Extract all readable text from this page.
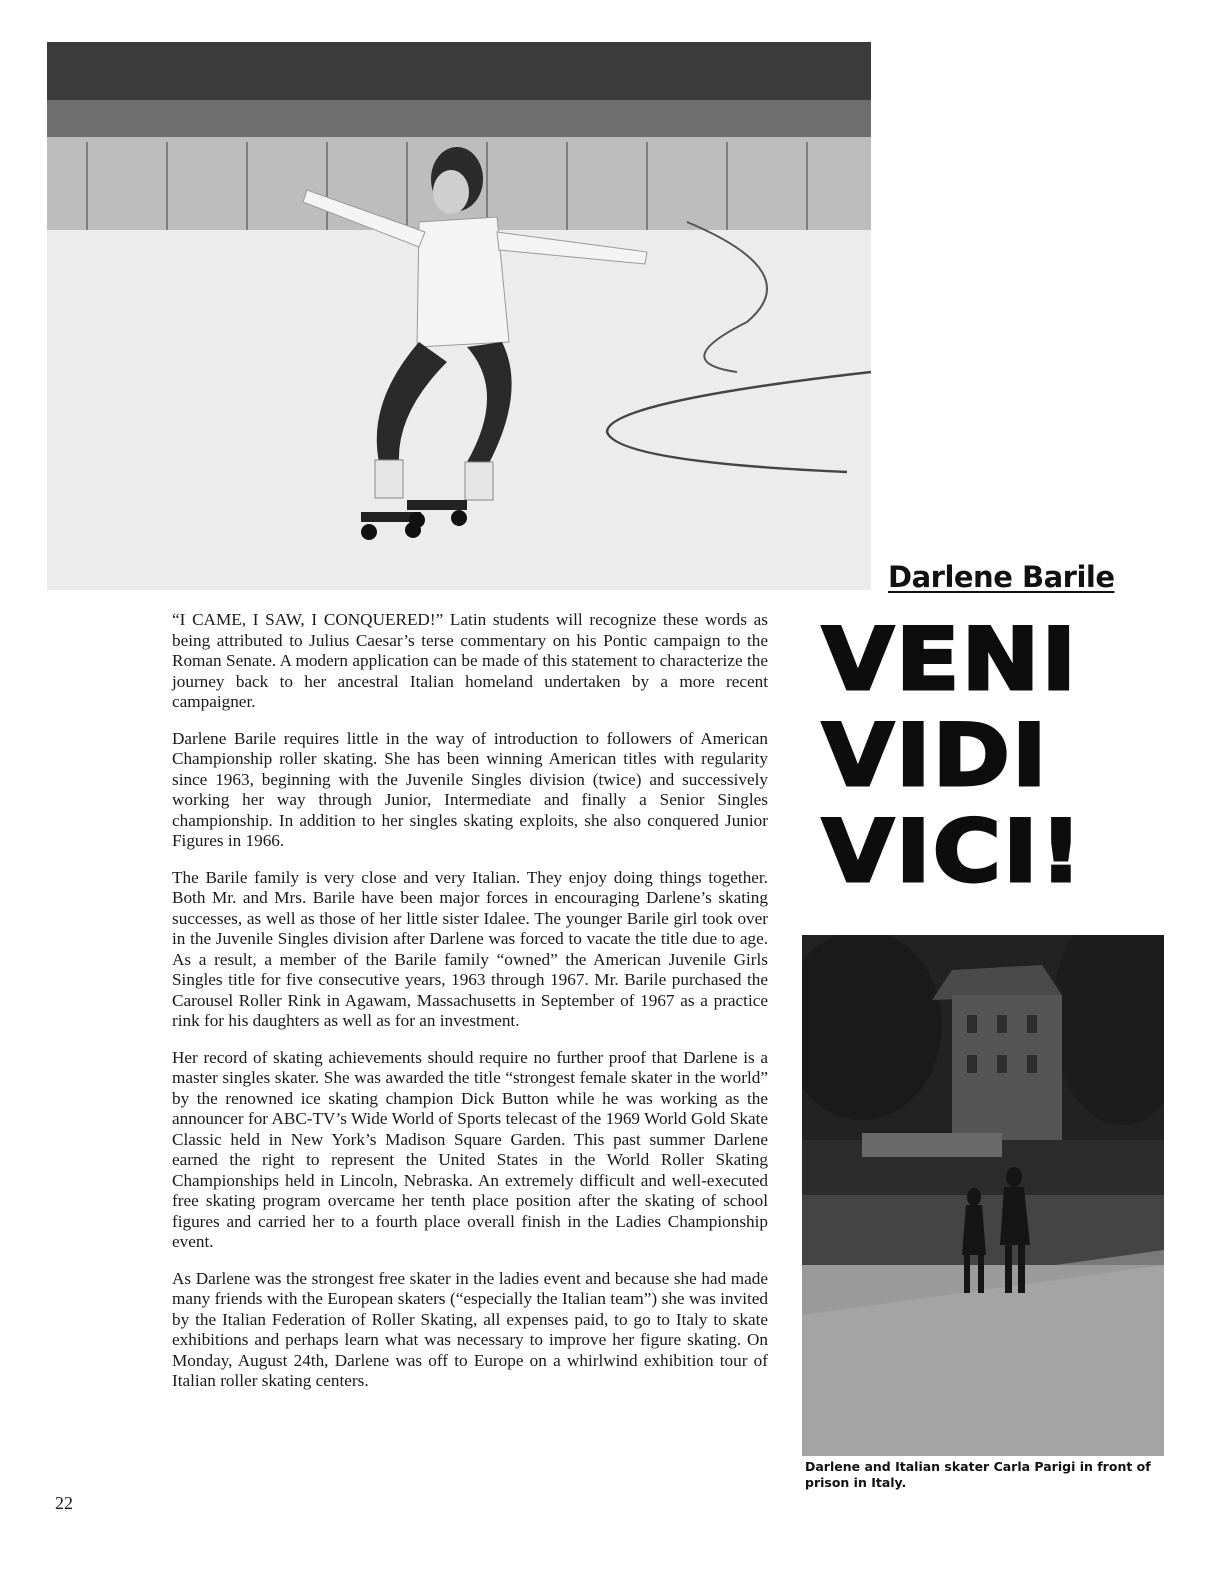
Darlene Barile
VENI
VIDI
VICI!

“I CAME, I SAW, I CONQUERED!” Latin students will recognize these words as being attributed to Julius Caesar’s terse commentary on his Pontic campaign to the Roman Senate. A modern application can be made of this statement to characterize the journey back to her ancestral Italian homeland undertaken by a more recent campaigner.

Darlene Barile requires little in the way of introduction to followers of American Championship roller skating. She has been winning American titles with regularity since 1963, beginning with the Juvenile Singles division (twice) and successively working her way through Junior, Intermediate and finally a Senior Singles championship. In addition to her singles skating exploits, she also conquered Junior Figures in 1966.

The Barile family is very close and very Italian. They enjoy doing things together. Both Mr. and Mrs. Barile have been major forces in encouraging Darlene’s skating successes, as well as those of her little sister Idalee. The younger Barile girl took over in the Juvenile Singles division after Darlene was forced to vacate the title due to age. As a result, a member of the Barile family “owned” the American Juvenile Girls Singles title for five consecutive years, 1963 through 1967. Mr. Barile purchased the Carousel Roller Rink in Agawam, Massachusetts in September of 1967 as a practice rink for his daughters as well as for an investment.

Her record of skating achievements should require no further proof that Darlene is a master singles skater. She was awarded the title “strongest female skater in the world” by the renowned ice skating champion Dick Button while he was working as the announcer for ABC-TV’s Wide World of Sports telecast of the 1969 World Gold Skate Classic held in New York’s Madison Square Garden. This past summer Darlene earned the right to represent the United States in the World Roller Skating Championships held in Lincoln, Nebraska. An extremely difficult and well-executed free skating program overcame her tenth place position after the skating of school figures and carried her to a fourth place overall finish in the Ladies Championship event.

As Darlene was the strongest free skater in the ladies event and because she had made many friends with the European skaters (“especially the Italian team”) she was invited by the Italian Federation of Roller Skating, all expenses paid, to go to Italy to skate exhibitions and perhaps learn what was necessary to improve her figure skating. On Monday, August 24th, Darlene was off to Europe on a whirlwind exhibition tour of Italian roller skating centers.

Darlene and Italian skater Carla Parigi in front of prison in Italy.
22
